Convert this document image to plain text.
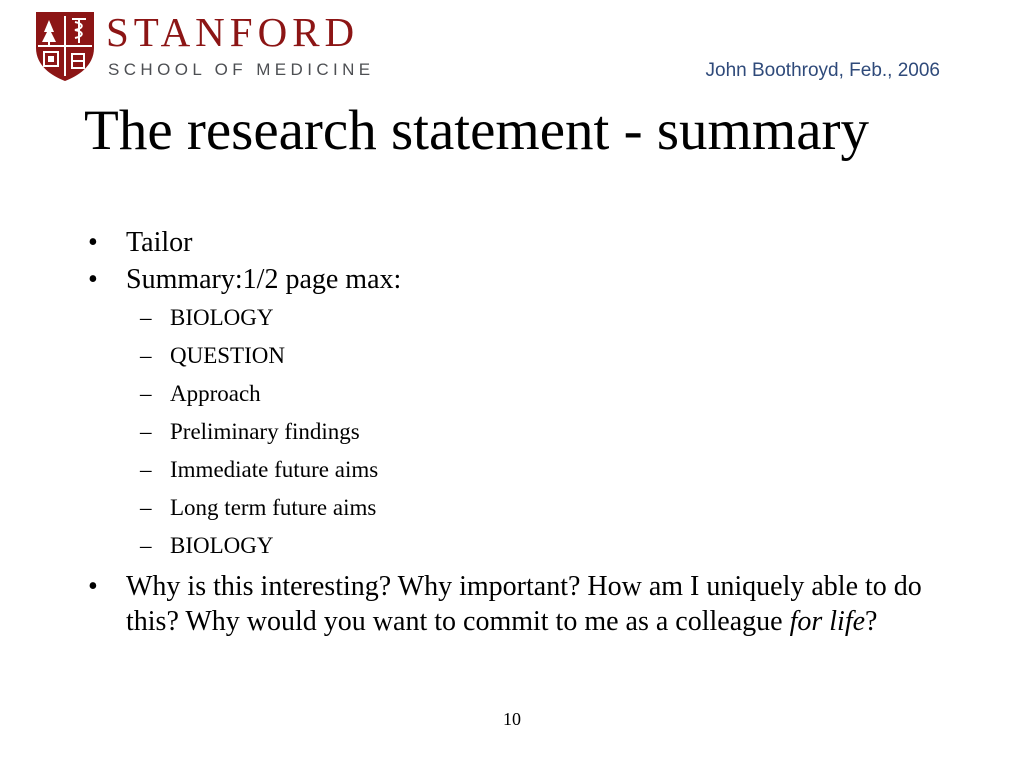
STANFORD
SCHOOL OF MEDICINE	John Boothroyd, Feb., 2006
The research statement - summary
• Tailor
• Summary:1/2 page max:
– BIOLOGY
– QUESTION
– Approach
– Preliminary findings
– Immediate future aims
– Long term future aims
– BIOLOGY
• Why is this interesting? Why important? How am I uniquely able to do this? Why would you want to commit to me as a colleague for life?
10
